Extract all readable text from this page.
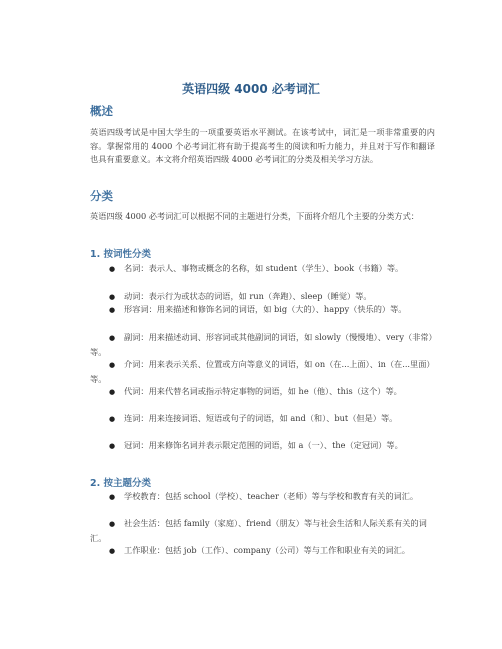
英语四级 4000 必考词汇
概述

英语四级考试是中国大学生的一项重要英语水平测试。在该考试中，词汇是一项非常重要的内容。掌握常用的 4000 个必考词汇将有助于提高考生的阅读和听力能力，并且对于写作和翻译也具有重要意义。本文将介绍英语四级 4000 必考词汇的分类及相关学习方法。

分类

英语四级 4000 必考词汇可以根据不同的主题进行分类，下面将介绍几个主要的分类方式：

1. 按词性分类

● 名词：表示人、事物或概念的名称，如 student（学生）、book（书籍）等。

● 动词：表示行为或状态的词语，如 run（奔跑）、sleep（睡觉）等。

● 形容词：用来描述和修饰名词的词语，如 big（大的）、happy（快乐的）等。

● 副词：用来描述动词、形容词或其他副词的词语，如 slowly（慢慢地）、very（非常）等。

● 介词：用来表示关系、位置或方向等意义的词语，如 on（在...上面）、in（在...里面）等。

● 代词：用来代替名词或指示特定事物的词语，如 he（他）、this（这个）等。

● 连词：用来连接词语、短语或句子的词语，如 and（和）、but（但是）等。

● 冠词：用来修饰名词并表示限定范围的词语，如 a（一）、the（定冠词）等。

2. 按主题分类

● 学校教育：包括 school（学校）、teacher（老师）等与学校和教育有关的词汇。

● 社会生活：包括 family（家庭）、friend（朋友）等与社会生活和人际关系有关的词汇。

● 工作职业：包括 job（工作）、company（公司）等与工作和职业有关的词汇。
